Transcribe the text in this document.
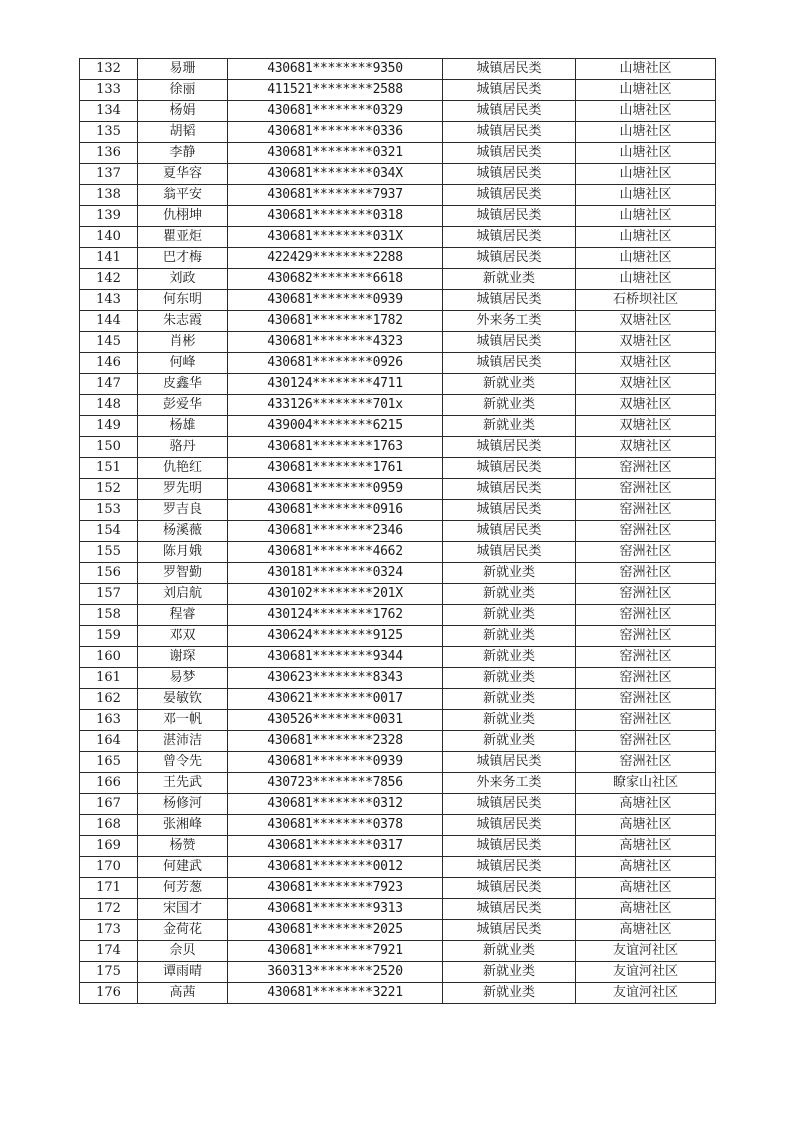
132	易珊	430681********9350	城镇居民类	山塘社区
133	徐丽	411521********2588	城镇居民类	山塘社区
134	杨娟	430681********0329	城镇居民类	山塘社区
135	胡韬	430681********0336	城镇居民类	山塘社区
136	李静	430681********0321	城镇居民类	山塘社区
137	夏华容	430681********034X	城镇居民类	山塘社区
138	翁平安	430681********7937	城镇居民类	山塘社区
139	仇栩坤	430681********0318	城镇居民类	山塘社区
140	瞿亚炬	430681********031X	城镇居民类	山塘社区
141	巴才梅	422429********2288	城镇居民类	山塘社区
142	刘政	430682********6618	新就业类	山塘社区
143	何东明	430681********0939	城镇居民类	石桥坝社区
144	朱志霞	430681********1782	外来务工类	双塘社区
145	肖彬	430681********4323	城镇居民类	双塘社区
146	何峰	430681********0926	城镇居民类	双塘社区
147	皮鑫华	430124********4711	新就业类	双塘社区
148	彭爱华	433126********701x	新就业类	双塘社区
149	杨雄	439004********6215	新就业类	双塘社区
150	骆丹	430681********1763	城镇居民类	双塘社区
151	仇艳红	430681********1761	城镇居民类	窑洲社区
152	罗先明	430681********0959	城镇居民类	窑洲社区
153	罗吉良	430681********0916	城镇居民类	窑洲社区
154	杨溪薇	430681********2346	城镇居民类	窑洲社区
155	陈月娥	430681********4662	城镇居民类	窑洲社区
156	罗智勤	430181********0324	新就业类	窑洲社区
157	刘启航	430102********201X	新就业类	窑洲社区
158	程睿	430124********1762	新就业类	窑洲社区
159	邓双	430624********9125	新就业类	窑洲社区
160	谢琛	430681********9344	新就业类	窑洲社区
161	易梦	430623********8343	新就业类	窑洲社区
162	晏敏钦	430621********0017	新就业类	窑洲社区
163	邓一帆	430526********0031	新就业类	窑洲社区
164	湛沛洁	430681********2328	新就业类	窑洲社区
165	曾令先	430681********0939	城镇居民类	窑洲社区
166	王先武	430723********7856	外来务工类	瞭家山社区
167	杨修河	430681********0312	城镇居民类	高塘社区
168	张湘峰	430681********0378	城镇居民类	高塘社区
169	杨赞	430681********0317	城镇居民类	高塘社区
170	何建武	430681********0012	城镇居民类	高塘社区
171	何芳葱	430681********7923	城镇居民类	高塘社区
172	宋国才	430681********9313	城镇居民类	高塘社区
173	金荷花	430681********2025	城镇居民类	高塘社区
174	佘贝	430681********7921	新就业类	友谊河社区
175	谭雨晴	360313********2520	新就业类	友谊河社区
176	高茜	430681********3221	新就业类	友谊河社区
